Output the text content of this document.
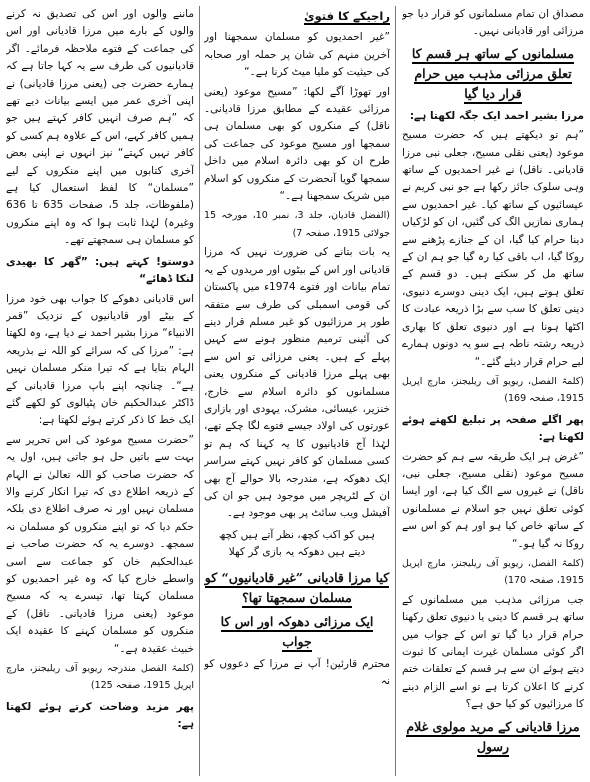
مصداق ان تمام مسلمانوں کو قرار دیا جو مرزائی اور قادیانی نہیں۔

مسلمانوں کے ساتھ ہر قسم کا تعلق مرزائی مذہب میں حرام قرار دیا گیا

مرزا بشیر احمد ایک جگہ لکھتا ہے:

”ہم تو دیکھتے ہیں کہ حضرت مسیح موعود (یعنی نقلی مسیح، جعلی نبی مرزا قادیانی۔ ناقل) نے غیر احمدیوں کے ساتھ وہی سلوک جائز رکھا ہے جو نبی کریم نے عیسائیوں کے ساتھ کیا۔ غیر احمدیوں سے ہماری نمازیں الگ کی گئیں، ان کو لڑکیاں دینا حرام کیا گیا، ان کے جنازے پڑھنے سے روکا گیا، اب باقی کیا رہ گیا جو ہم ان کے ساتھ مل کر سکتے ہیں۔ دو قسم کے تعلق ہوتے ہیں، ایک دینی دوسرے دنیوی، دینی تعلق کا سب سے بڑا ذریعہ عبادت کا اکٹھا ہونا ہے اور دنیوی تعلق کا بھاری ذریعہ رشتہ ناطہ ہے سو یہ دونوں ہمارے لیے حرام قرار دیئے گئے۔“

(کلمۃ الفصل، ریویو آف ریلیجنز، مارچ اپریل 1915، صفحہ 169)

پھر اگلے صفحہ پر تبلیغ لکھتے ہوئے لکھتا ہے:

”غرض ہر ایک طریقہ سے ہم کو حضرت مسیح موعود (نقلی مسیح، جعلی نبی، ناقل) نے غیروں سے الگ کیا ہے، اور ایسا کوئی تعلق نہیں جو اسلام نے مسلمانوں کے ساتھ خاص کیا ہو اور ہم کو اس سے روکا نہ گیا ہو۔“

(کلمۃ الفصل، ریویو آف ریلیجنز، مارچ اپریل 1915، صفحہ 170)

جب مرزائی مذہب میں مسلمانوں کے ساتھ ہر قسم کا دینی یا دنیوی تعلق رکھنا حرام قرار دیا گیا تو اس کے جواب میں اگر کوئی مسلمان غیرت ایمانی کا ثبوت دیتے ہوئے ان سے ہر قسم کے تعلقات ختم کرنے کا اعلان کرتا ہے تو اسے الزام دینے کا مرزائیوں کو کیا حق ہے؟

مرزا قادیانی کے مرید مولوی غلام رسول
راجیکے کا فتویٰ

”غیر احمدیوں کو مسلمان سمجھنا اور آخرین منہم کی شان پر حملہ اور صحابہ کی حیثیت کو ملیا میٹ کرنا ہے۔“

اور تھوڑا آگے لکھا: ”مسیح موعود (یعنی مرزائی عقیدے کے مطابق مرزا قادیانی۔ ناقل) کے منکروں کو بھی مسلمان ہی سمجھا اور مسیح موعود کی جماعت کی طرح ان کو بھی دائرہ اسلام میں داخل سمجھا گویا آنحضرت کے منکروں کو اسلام میں شریک سمجھنا ہے۔“

(الفضل قادیان، جلد 3، نمبر 10، مورخہ 15 جولائی 1915، صفحہ 7)

یہ بات بتانے کی ضرورت نہیں کہ مرزا قادیانی اور اس کے بیٹوں اور مریدوں کے یہ تمام بیانات اور فتوے 1974ء میں پاکستان کی قومی اسمبلی کی طرف سے متفقہ طور پر مرزائیوں کو غیر مسلم قرار دینے کی آئینی ترمیم منظور ہونے سے کہیں پہلے کے ہیں۔ یعنی مرزائی تو اس سے بھی پہلے مرزا قادیانی کے منکروں یعنی مسلمانوں کو دائرہ اسلام سے خارج، خنزیر، عیسائی، مشرک، یہودی اور بازاری عورتوں کی اولاد جیسے فتوے لگا چکے تھے، لہٰذا آج قادیانیوں کا یہ کہنا کہ ہم تو کسی مسلمان کو کافر نہیں کہتے سراسر ایک دھوکہ ہے، مندرجہ بالا حوالے آج بھی ان کے لٹریچر میں موجود ہیں جو ان کی آفیشل ویب سائٹ پر بھی موجود ہے۔

ہیں کو اکب کچھ، نظر آتے ہیں کچھ
دیتے ہیں دھوکہ یہ بازی گر کھلا
کیا مرزا قادیانی ”غیر قادیانیوں“ کو مسلمان سمجھتا تھا؟
ایک مرزائی دھوکہ اور اس کا جواب

محترم قارئین! آپ نے مرزا کے دعووں کو نہ

ماننے والوں اور اس کی تصدیق نہ کرنے والوں کے بارے میں مرزا قادیانی اور اس کی جماعت کے فتوے ملاحظہ فرمائے۔ اگر قادیانیوں کی طرف سے یہ کہا جاتا ہے کہ ہمارے حضرت جی (یعنی مرزا قادیانی) نے اپنی آخری عمر میں ایسے بیانات دیے تھے کہ ”ہم صرف انہیں کافر کہتے ہیں جو ہمیں کافر کہے، اس کے علاوہ ہم کسی کو کافر نہیں کہتے“ نیز انہوں نے اپنی بعض آخری کتابوں میں اپنے منکروں کے لیے ”مسلمان“ کا لفظ استعمال کیا ہے (ملفوظات، جلد 5، صفحات 635 تا 636 وغیرہ) لہٰذا ثابت ہوا کہ وہ اپنے منکروں کو مسلمان ہی سمجھتے تھے۔

دوستو! کہتے ہیں: ”گھر کا بھیدی لنکا ڈھائے“

اس قادیانی دھوکے کا جواب بھی خود مرزا کے بیٹے اور قادیانیوں کے نزدیک ”قمر الانبیاء“ مرزا بشیر احمد نے دیا ہے، وہ لکھتا ہے: ”مرزا کی کہ سرائے کو اللہ نے بذریعہ الہام بتایا ہے کہ تیرا منکر مسلمان نہیں ہے“۔ چنانچہ اپنے باپ مرزا قادیانی کے ڈاکٹر عبدالحکیم خان پٹیالوی کو لکھے گئے ایک خط کا ذکر کرتے ہوئے لکھتا ہے:

”حضرت مسیح موعود کی اس تحریر سے بہت سے باتیں حل ہو جاتی ہیں، اول یہ کہ حضرت صاحب کو اللہ تعالیٰ نے الہام کے ذریعہ اطلاع دی کہ تیرا انکار کرنے والا مسلمان نہیں اور نہ صرف اطلاع دی بلکہ حکم دیا کہ تو اپنے منکروں کو مسلمان نہ سمجھ۔ دوسرے یہ کہ حضرت صاحب نے عبدالحکیم خان کو جماعت سے اسی واسطے خارج کیا کہ وہ غیر احمدیوں کو مسلمان کہتا تھا، تیسرے یہ کہ مسیح موعود (یعنی مرزا قادیانی۔ ناقل) کے منکروں کو مسلمان کہنے کا عقیدہ ایک خبیث عقیدہ ہے۔“

(کلمۃ الفصل مندرجہ ریویو آف ریلیجنز، مارچ اپریل 1915، صفحہ 125)

پھر مزید وضاحت کرتے ہوئے لکھتا ہے:
